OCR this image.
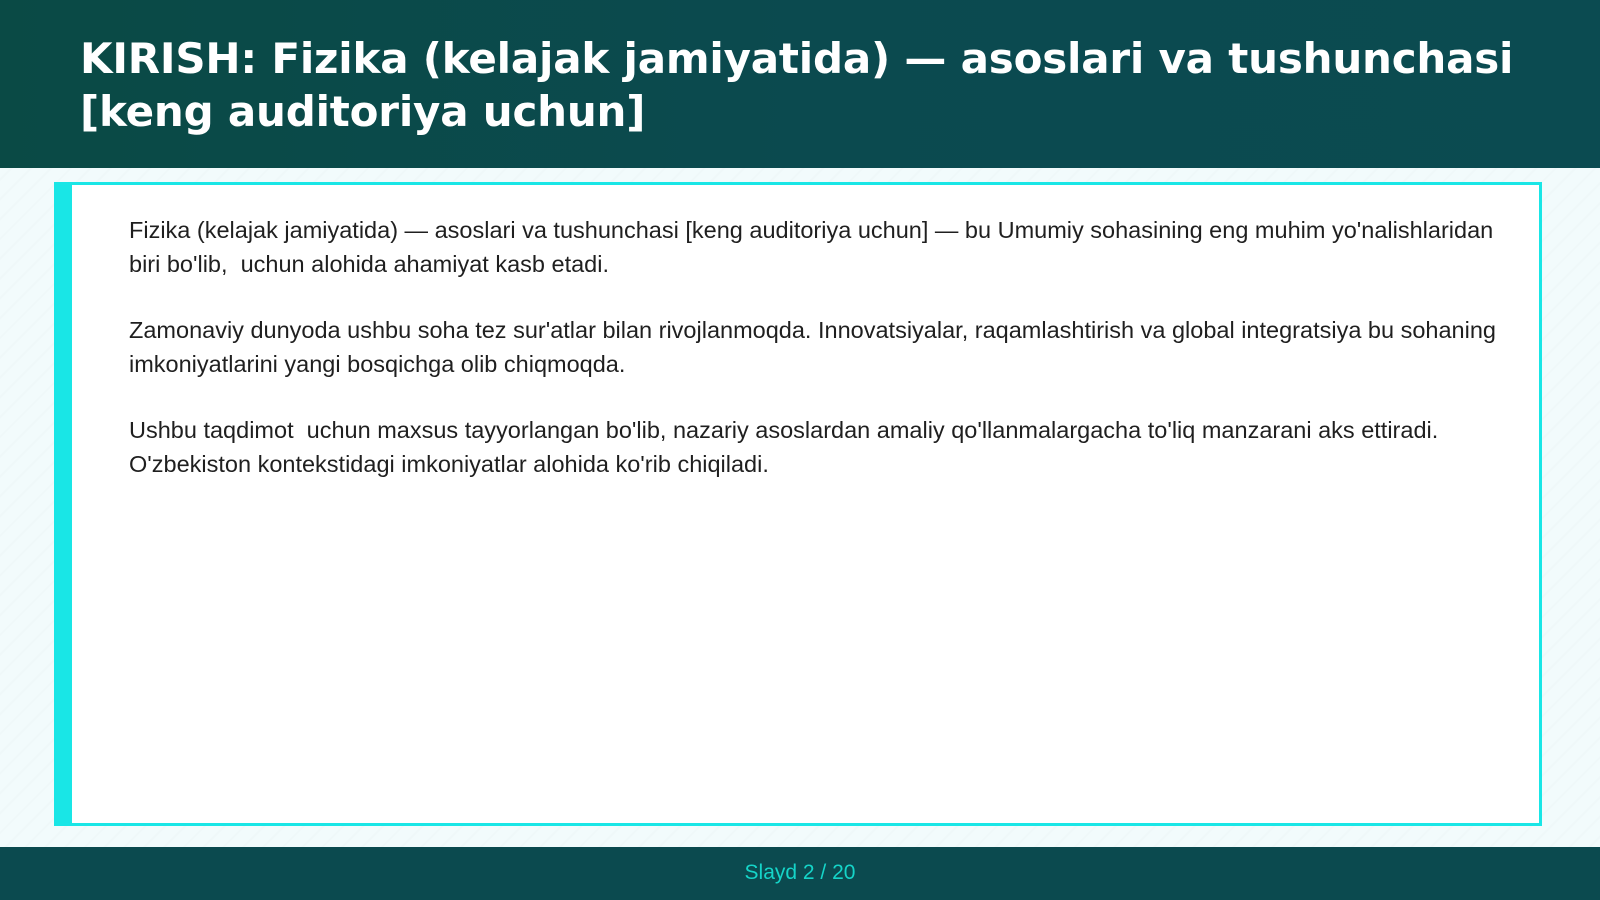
KIRISH: Fizika (kelajak jamiyatida) — asoslari va tushunchasi [keng auditoriya uchun]

Fizika (kelajak jamiyatida) — asoslari va tushunchasi [keng auditoriya uchun] — bu Umumiy sohasining eng muhim yo'nalishlaridan biri bo'lib,  uchun alohida ahamiyat kasb etadi.

Zamonaviy dunyoda ushbu soha tez sur'atlar bilan rivojlanmoqda. Innovatsiyalar, raqamlashtirish va global integratsiya bu sohaning imkoniyatlarini yangi bosqichga olib chiqmoqda.

Ushbu taqdimot  uchun maxsus tayyorlangan bo'lib, nazariy asoslardan amaliy qo'llanmalargacha to'liq manzarani aks ettiradi. O'zbekiston kontekstidagi imkoniyatlar alohida ko'rib chiqiladi.

Slayd 2 / 20
